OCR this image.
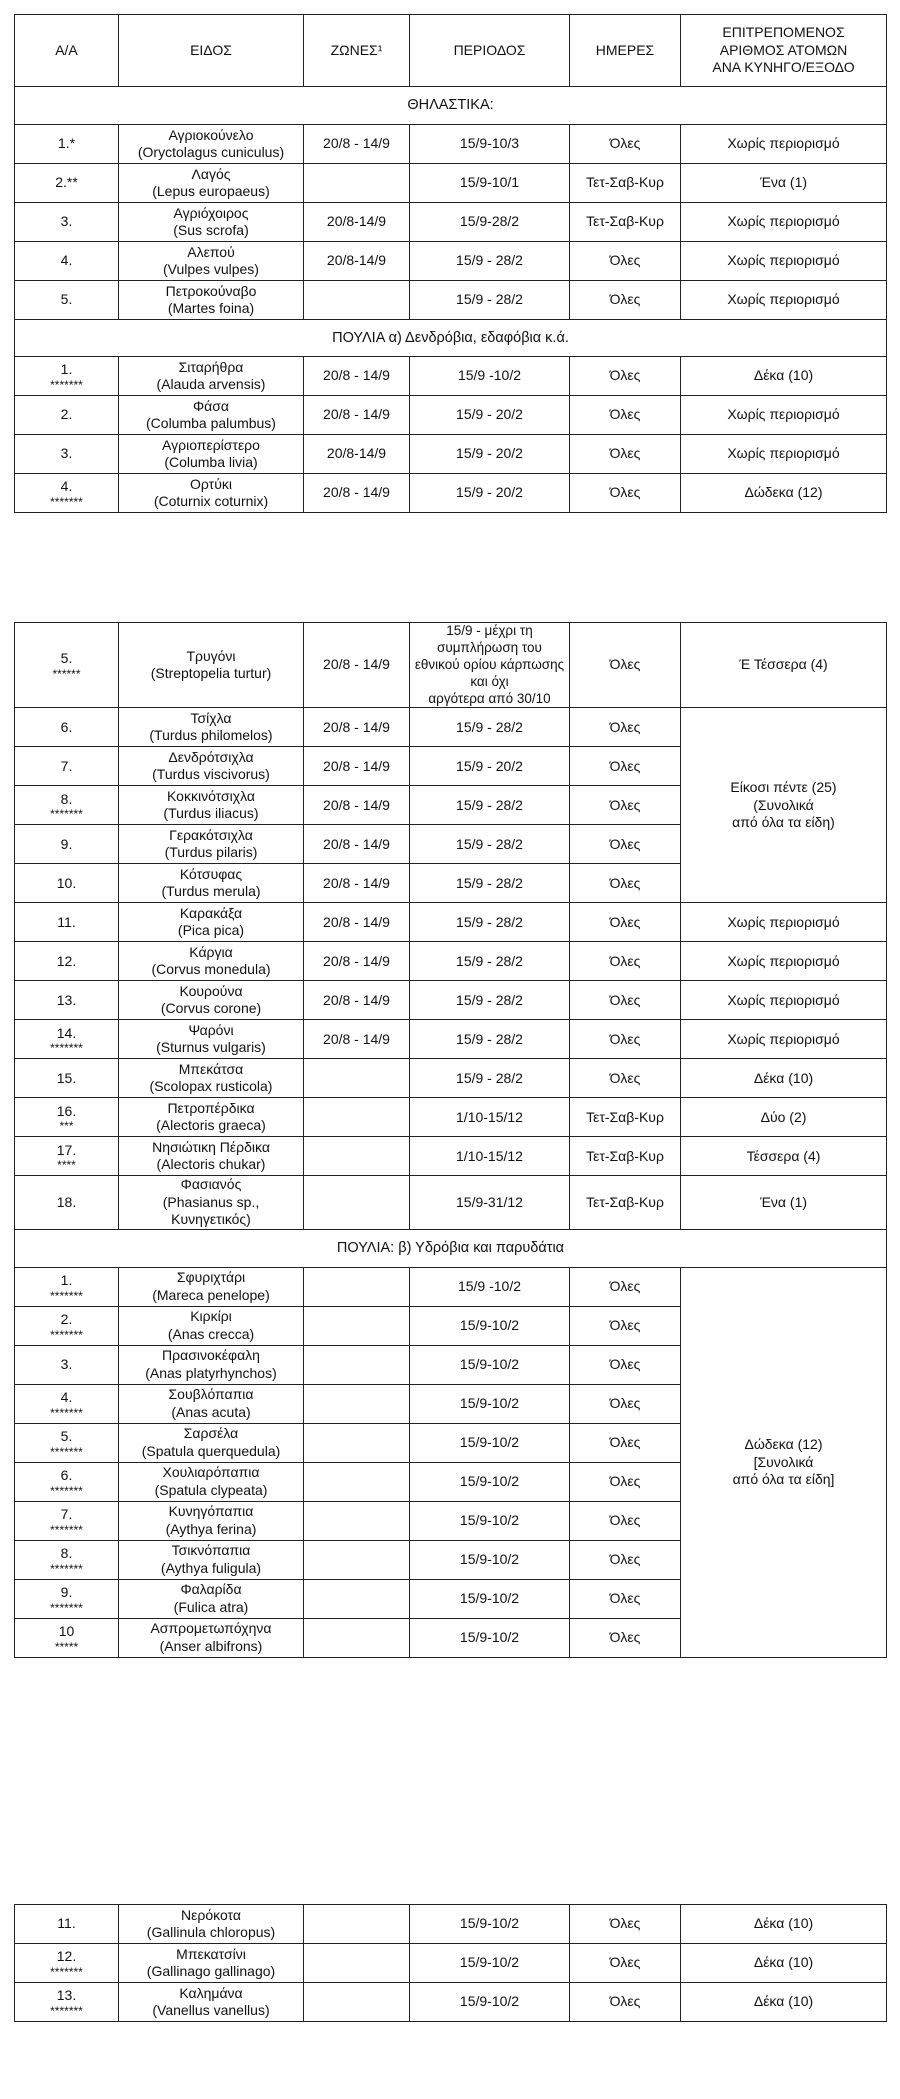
Α/Α	ΕΙΔΟΣ	ΖΩΝΕΣ¹	ΠΕΡΙΟΔΟΣ	ΗΜΕΡΕΣ	ΕΠΙΤΡΕΠΟΜΕΝΟΣ
ΑΡΙΘΜΟΣ ΑΤΟΜΩΝ
ΑΝΑ ΚΥΝΗΓΟ/ΕΞΟΔΟ

ΘΗΛΑΣΤΙΚΑ:					

1.*	Αγριοκούνελο
(Oryctolagus cuniculus)	20/8 - 14/9	15/9-10/3	Όλες	Χωρίς περιορισμό

2.**	Λαγός
(Lepus europaeus)		15/9-10/1	Τετ-Σαβ-Κυρ	Ένα (1)

3.	Αγριόχοιρος
(Sus scrofa)	20/8-14/9	15/9-28/2	Τετ-Σαβ-Κυρ	Χωρίς περιορισμό

4.	Αλεπού
(Vulpes vulpes)	20/8-14/9	15/9 - 28/2	Όλες	Χωρίς περιορισμό

5.	Πετροκούναβο
(Martes foina)		15/9 - 28/2	Όλες	Χωρίς περιορισμό
ΠΟΥΛΙΑ α) Δενδρόβια, εδαφόβια κ.ά.					

1.
*******	Σιταρήθρα
(Alauda arvensis)	20/8 - 14/9	15/9 -10/2	Όλες	Δέκα (10)

2.	Φάσα
(Columba palumbus)	20/8 - 14/9	15/9 - 20/2	Όλες	Χωρίς περιορισμό

3.	Αγριοπερίστερο
(Columba livia)	20/8-14/9	15/9 - 20/2	Όλες	Χωρίς περιορισμό

4.
*******	Ορτύκι
(Coturnix coturnix)	20/8 - 14/9	15/9 - 20/2	Όλες	Δώδεκα (12)
5.
******	Τρυγόνι
(Streptopelia turtur)	20/8 - 14/9	15/9 - μέχρι τη συμπλήρωση του
εθνικού ορίου κάρπωσης και όχι
αργότερα από 30/10	Όλες	Έ Τέσσερα (4)

6.	Τσίχλα
(Turdus philomelos)	20/8 - 14/9	15/9 - 28/2	Όλες	Είκοσι πέντε (25)
(Συνολικά
από όλα τα είδη)

7.	Δενδρότσιχλα
(Turdus viscivorus)	20/8 - 14/9	15/9 - 20/2	Όλες	

8.
*******	Κοκκινότσιχλα
(Turdus iliacus)	20/8 - 14/9	15/9 - 28/2	Όλες	

9.	Γερακότσιχλα
(Turdus pilaris)	20/8 - 14/9	15/9 - 28/2	Όλες	

10.	Κότσυφας
(Turdus merula)	20/8 - 14/9	15/9 - 28/2	Όλες	

11.	Καρακάξα
(Pica pica)	20/8 - 14/9	15/9 - 28/2	Όλες	Χωρίς περιορισμό

12.	Κάργια
(Corvus monedula)	20/8 - 14/9	15/9 - 28/2	Όλες	Χωρίς περιορισμό

13.	Κουρούνα
(Corvus corone)	20/8 - 14/9	15/9 - 28/2	Όλες	Χωρίς περιορισμό

14.
*******	Ψαρόνι
(Sturnus vulgaris)	20/8 - 14/9	15/9 - 28/2	Όλες	Χωρίς περιορισμό

15.	Μπεκάτσα
(Scolopax rusticola)		15/9 - 28/2	Όλες	Δέκα (10)

16.
***	Πετροπέρδικα
(Alectoris graeca)		1/10-15/12	Τετ-Σαβ-Κυρ	Δύο (2)

17.
****	Νησιώτικη Πέρδικα
(Alectoris chukar)		1/10-15/12	Τετ-Σαβ-Κυρ	Τέσσερα (4)

18.	Φασιανός
(Phasianus sp., Κυνηγετικός)		15/9-31/12	Τετ-Σαβ-Κυρ	Ένα (1)
ΠΟΥΛΙΑ: β) Υδρόβια και παρυδάτια					

1.
*******	Σφυριχτάρι
(Mareca penelope)		15/9 -10/2	Όλες	Δώδεκα (12)
[Συνολικά
από όλα τα είδη]

2.
*******	Κιρκίρι
(Anas crecca)		15/9-10/2	Όλες	

3.	Πρασινοκέφαλη
(Anas platyrhynchos)		15/9-10/2	Όλες	

4.
*******	Σουβλόπαπια
(Anas acuta)		15/9-10/2	Όλες	

5.
*******	Σαρσέλα
(Spatula querquedula)		15/9-10/2	Όλες	

6.
*******	Χουλιαρόπαπια
(Spatula clypeata)		15/9-10/2	Όλες	

7.
*******	Κυνηγόπαπια
(Aythya ferina)		15/9-10/2	Όλες	

8.
*******	Τσικνόπαπια
(Aythya fuligula)		15/9-10/2	Όλες	

9.
*******	Φαλαρίδα
(Fulica atra)		15/9-10/2	Όλες	

10
*****	Ασπρομετωπόχηνα
(Anser albifrons)		15/9-10/2	Όλες	
11.	Νερόκοτα
(Gallinula chloropus)		15/9-10/2	Όλες	Δέκα (10)

12.
*******	Μπεκατσίνι
(Gallinago gallinago)		15/9-10/2	Όλες	Δέκα (10)

13.
*******	Καλημάνα
(Vanellus vanellus)		15/9-10/2	Όλες	Δέκα (10)
